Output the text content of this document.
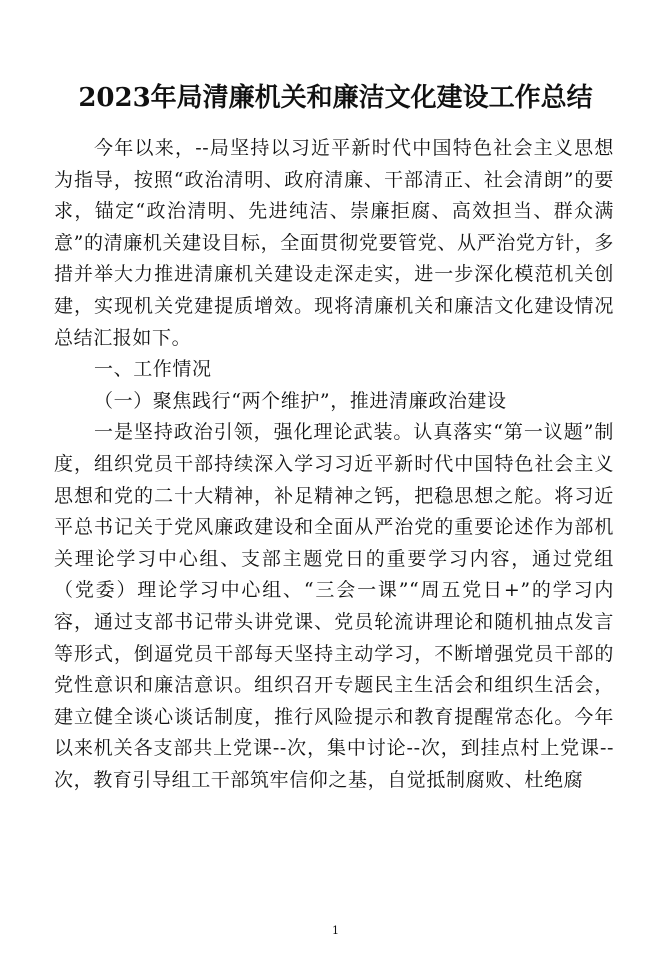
2023年局清廉机关和廉洁文化建设工作总结

今年以来，--局坚持以习近平新时代中国特色社会主义思想为指导，按照“政治清明、政府清廉、干部清正、社会清朗”的要求，锚定“政治清明、先进纯洁、崇廉拒腐、高效担当、群众满意”的清廉机关建设目标，全面贯彻党要管党、从严治党方针，多措并举大力推进清廉机关建设走深走实，进一步深化模范机关创建，实现机关党建提质增效。现将清廉机关和廉洁文化建设情况总结汇报如下。

一、工作情况

（一）聚焦践行“两个维护”，推进清廉政治建设

一是坚持政治引领，强化理论武装。认真落实“第一议题”制度，组织党员干部持续深入学习习近平新时代中国特色社会主义思想和党的二十大精神，补足精神之钙，把稳思想之舵。将习近平总书记关于党风廉政建设和全面从严治党的重要论述作为部机关理论学习中心组、支部主题党日的重要学习内容，通过党组（党委）理论学习中心组、“三会一课”“周五党日+”的学习内容，通过支部书记带头讲党课、党员轮流讲理论和随机抽点发言等形式，倒逼党员干部每天坚持主动学习，不断增强党员干部的党性意识和廉洁意识。组织召开专题民主生活会和组织生活会，建立健全谈心谈话制度，推行风险提示和教育提醒常态化。今年以来机关各支部共上党课--次，集中讨论--次，到挂点村上党课--次，教育引导组工干部筑牢信仰之基，自觉抵制腐败、杜绝腐

1
